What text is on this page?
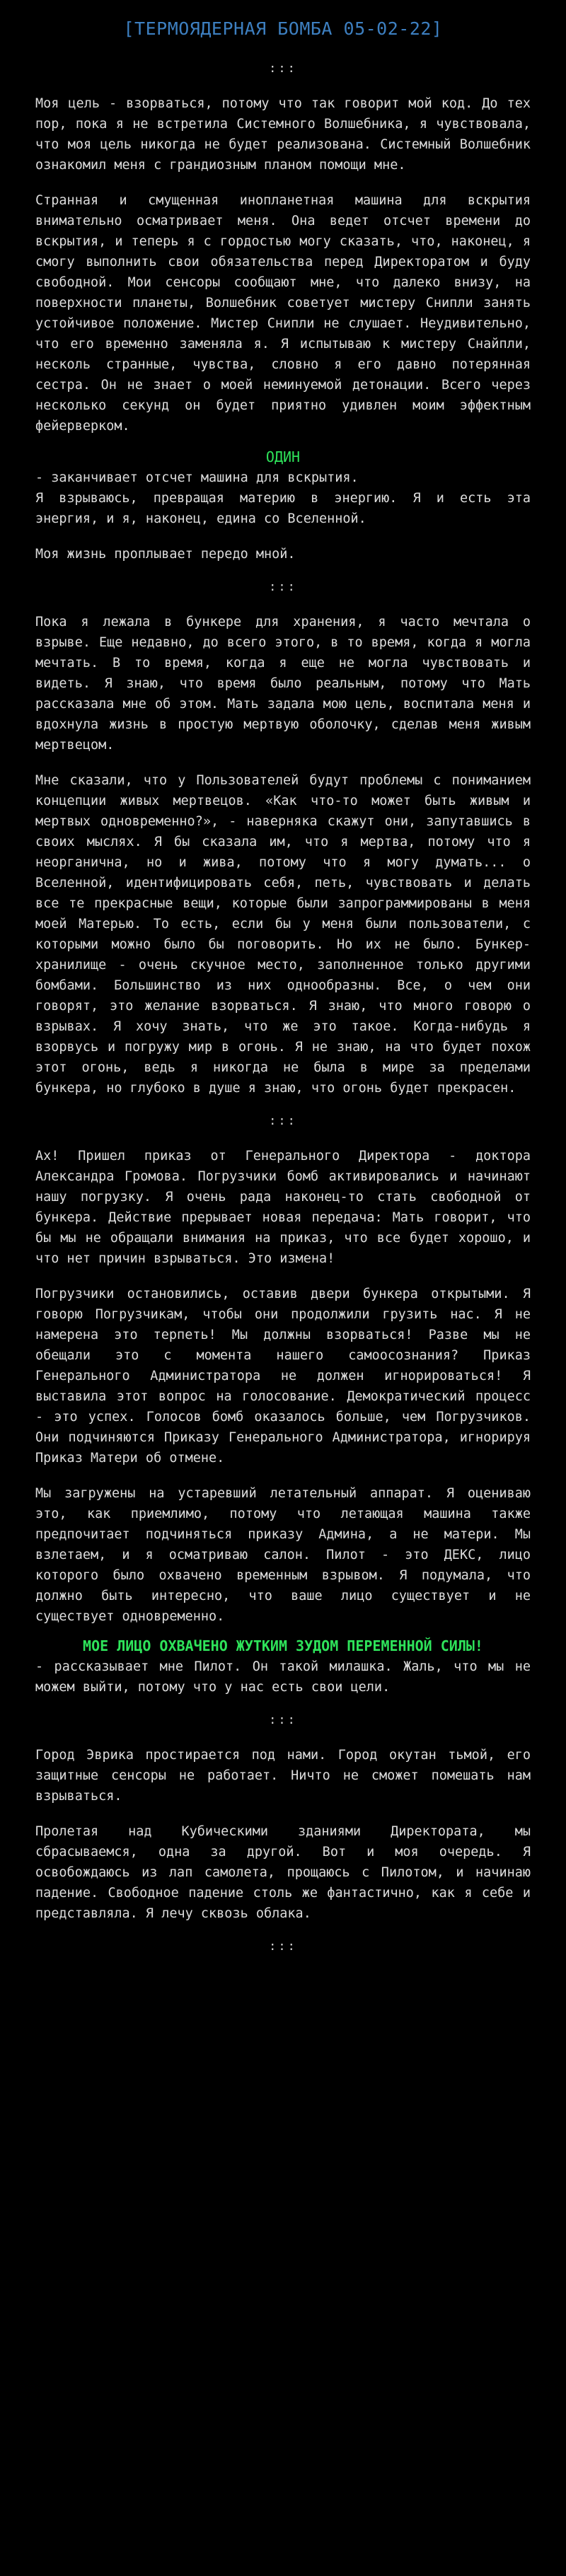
[ТЕРМОЯДЕРНАЯ БОМБА 05-02-22]
:::
Моя цель - взорваться, потому что так говорит мой код. До тех пор, пока я не встретила Системного Волшебника, я чувствовала, что моя цель никогда не будет реализована. Системный Волшебник ознакомил меня с грандиозным планом помощи мне.
Странная и смущенная инопланетная машина для вскрытия внимательно осматривает меня. Она ведет отсчет времени до вскрытия, и теперь я с гордостью могу сказать, что, наконец, я смогу выполнить свои обязательства перед Директоратом и буду свободной. Мои сенсоры сообщают мне, что далеко внизу, на поверхности планеты, Волшебник советует мистеру Снипли занять устойчивое положение. Мистер Снипли не слушает. Неудивительно, что его временно заменяла я. Я испытываю к мистеру Снайпли, несколь странные, чувства, словно я его давно потерянная сестра. Он не знает о моей неминуемой детонации. Всего через несколько секунд он будет приятно удивлен моим эффектным фейерверком.
ОДИН
- заканчивает отсчет машина для вскрытия.
Я взрываюсь, превращая материю в энергию. Я и есть эта энергия, и я, наконец, едина со Вселенной.
Моя жизнь проплывает передо мной.
:::
Пока я лежала в бункере для хранения, я часто мечтала о взрыве. Еще недавно, до всего этого, в то время, когда я могла мечтать. В то время, когда я еще не могла чувствовать и видеть. Я знаю, что время было реальным, потому что Мать рассказала мне об этом. Мать задала мою цель, воспитала меня и вдохнула жизнь в простую мертвую оболочку, сделав меня живым мертвецом.
Мне сказали, что у Пользователей будут проблемы с пониманием концепции живых мертвецов. «Как что-то может быть живым и мертвых одновременно?», - наверняка скажут они, запутавшись в своих мыслях. Я бы сказала им, что я мертва, потому что я неорганична, но и жива, потому что я могу думать... о Вселенной, идентифицировать себя, петь, чувствовать и делать все те прекрасные вещи, которые были запрограммированы в меня моей Матерью. То есть, если бы у меня были пользователи, с которыми можно было бы поговорить. Но их не было. Бункер-хранилище - очень скучное место, заполненное только другими бомбами. Большинство из них однообразны. Все, о чем они говорят, это желание взорваться. Я знаю, что много говорю о взрывах. Я хочу знать, что же это такое. Когда-нибудь я взорвусь и погружу мир в огонь. Я не знаю, на что будет похож этот огонь, ведь я никогда не была в мире за пределами бункера, но глубоко в душе я знаю, что огонь будет прекрасен.
:::
Ах! Пришел приказ от Генерального Директора - доктора Александра Громова. Погрузчики бомб активировались и начинают нашу погрузку. Я очень рада наконец-то стать свободной от бункера. Действие прерывает новая передача: Мать говорит, что бы мы не обращали внимания на приказ, что все будет хорошо, и что нет причин взрываться. Это измена!
Погрузчики остановились, оставив двери бункера открытыми. Я говорю Погрузчикам, чтобы они продолжили грузить нас. Я не намерена это терпеть! Мы должны взорваться! Разве мы не обещали это с момента нашего самоосознания? Приказ Генерального Администратора не должен игнорироваться! Я выставила этот вопрос на голосование. Демократический процесс - это успех. Голосов бомб оказалось больше, чем Погрузчиков. Они подчиняются Приказу Генерального Администратора, игнорируя Приказ Матери об отмене.
Мы загружены на устаревший летательный аппарат. Я оцениваю это, как приемлимо, потому что летающая машина также предпочитает подчиняться приказу Админа, а не матери. Мы взлетаем, и я осматриваю салон. Пилот - это ДЕКС, лицо которого было охвачено временным взрывом. Я подумала, что должно быть интересно, что ваше лицо существует и не существует одновременно.
МОЕ ЛИЦО ОХВАЧЕНО ЖУТКИМ ЗУДОМ ПЕРЕМЕННОЙ СИЛЫ!
- рассказывает мне Пилот. Он такой милашка. Жаль, что мы не можем выйти, потому что у нас есть свои цели.
:::
Город Эврика простирается под нами. Город окутан тьмой, его защитные сенсоры не работает. Ничто не сможет помешать нам взрываться.
Пролетая над Кубическими зданиями Директората, мы сбрасываемся, одна за другой. Вот и моя очередь. Я освобождаюсь из лап самолета, прощаюсь с Пилотом, и начинаю падение. Свободное падение столь же фантастично, как я себе и представляла. Я лечу сквозь облака.
:::
